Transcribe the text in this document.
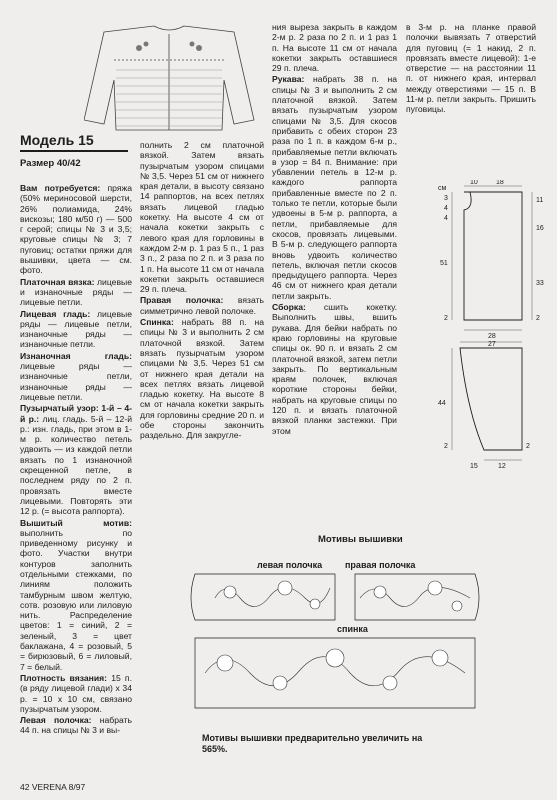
Модель 15
Размер 40/42

Вам потребуется: пряжа (50% мериносовой шерсти, 26% полиамида, 24% вискозы; 180 м/50 г) — 500 г серой; спицы № 3 и 3,5; круговые спицы № 3; 7 пуговиц; остатки пряжи для вышивки, цвета — см. фото.

Платочная вязка: лицевые и изнаночные ряды — лицевые петли.

Лицевая гладь: лицевые ряды — лицевые петли, изнаночные ряды — изнаночные петли.

Изнаночная гладь: лицевые ряды — изнаночные петли, изнаночные ряды — лицевые петли.

Пузырчатый узор: 1-й – 4-й р.: лиц. гладь. 5-й – 12-й р.: изн. гладь, при этом в 1-м р. количество петель удвоить — из каждой петли вязать по 1 изнаночной скрещенной петле, в последнем ряду по 2 п. провязать вместе лицевыми. Повторять эти 12 р. (= высота раппорта).

Вышитый мотив: выполнить по приведенному рисунку и фото. Участки внутри контуров заполнить отдельными стежками, по линиям положить тамбурным швом желтую, сотв. розовую или лиловую нить. Распределение цветов: 1 = синий, 2 = зеленый, 3 = цвет баклажана, 4 = розовый, 5 = бирюзовый, 6 = лиловый, 7 = белый.

Плотность вязания: 15 п. (в ряду лицевой глади) х 34 р. = 10 х 10 см, связано пузырчатым узором.

Левая полочка: набрать 44 п. на спицы № 3 и вы-

полнить 2 см платочной вязкой. Затем вязать пузырчатым узором спицами № 3,5. Через 51 см от нижнего края детали, в высоту связано 14 раппортов, на всех петлях вязать лицевой гладью кокетку. На высоте 4 см от начала кокетки закрыть с левого края для горловины в каждом 2-м р. 1 раз 5 п., 1 раз 3 п., 2 раза по 2 п. и 3 раза по 1 п. На высоте 11 см от начала кокетки закрыть оставшиеся 29 п. плеча.

Правая полочка: вязать симметрично левой полочке.

Спинка: набрать 88 п. на спицы № 3 и выполнить 2 см платочной вязкой. Затем вязать пузырчатым узором спицами № 3,5. Через 51 см от нижнего края детали на всех петлях вязать лицевой гладью кокетку. На высоте 8 см от начала кокетки закрыть для горловины средние 20 п. и обе стороны закончить раздельно. Для закругле-

ния выреза закрыть в каждом 2-м р. 2 раза по 2 п. и 1 раз 1 п. На высоте 11 см от начала кокетки закрыть оставшиеся 29 п. плеча.

Рукава: набрать 38 п. на спицы № 3 и выполнить 2 см платочной вязкой. Затем вязать пузырчатым узором спицами № 3,5. Для скосов прибавить с обеих сторон 23 раза по 1 п. в каждом 6-м р., прибавляемые петли включать в узор = 84 п. Внимание: при убавлении петель в 12-м р. каждого раппорта прибавленные вместе по 2 п. только те петли, которые были удвоены в 5-м р. раппорта, а петли, прибавляемые для скосов, провязать лицевыми. В 5-м р. следующего раппорта вновь удвоить количество петель, включая петли скосов предыдущего раппорта. Через 46 см от нижнего края детали петли закрыть.

Сборка: сшить кокетку. Выполнить швы, вшить рукава. Для бейки набрать по краю горловины на круговые спицы ок. 90 п. и вязать 2 см платочной вязкой, затем петли закрыть. По вертикальным краям полочек, включая короткие стороны бейки, набрать на круговые спицы по 120 п. и вязать платочной вязкой планки застежки. При этом

в 3-м р. на планке правой полочки вывязать 7 отверстий для пуговиц (= 1 накид, 2 п. провязать вместе лицевой): 1-е отверстие — на расстоянии 11 п. от нижнего края, интервал между отверстиями — 15 п. В 11-м р. петли закрыть. Пришить пуговицы.

см
10	18
3
4
4
51
2
11
16
33
2
28
27
44
2	2
15	12
Мотивы вышивки
левая полочка	правая полочка
спинка
Мотивы вышивки предварительно увеличить на 565%.
42 VERENA 8/97
